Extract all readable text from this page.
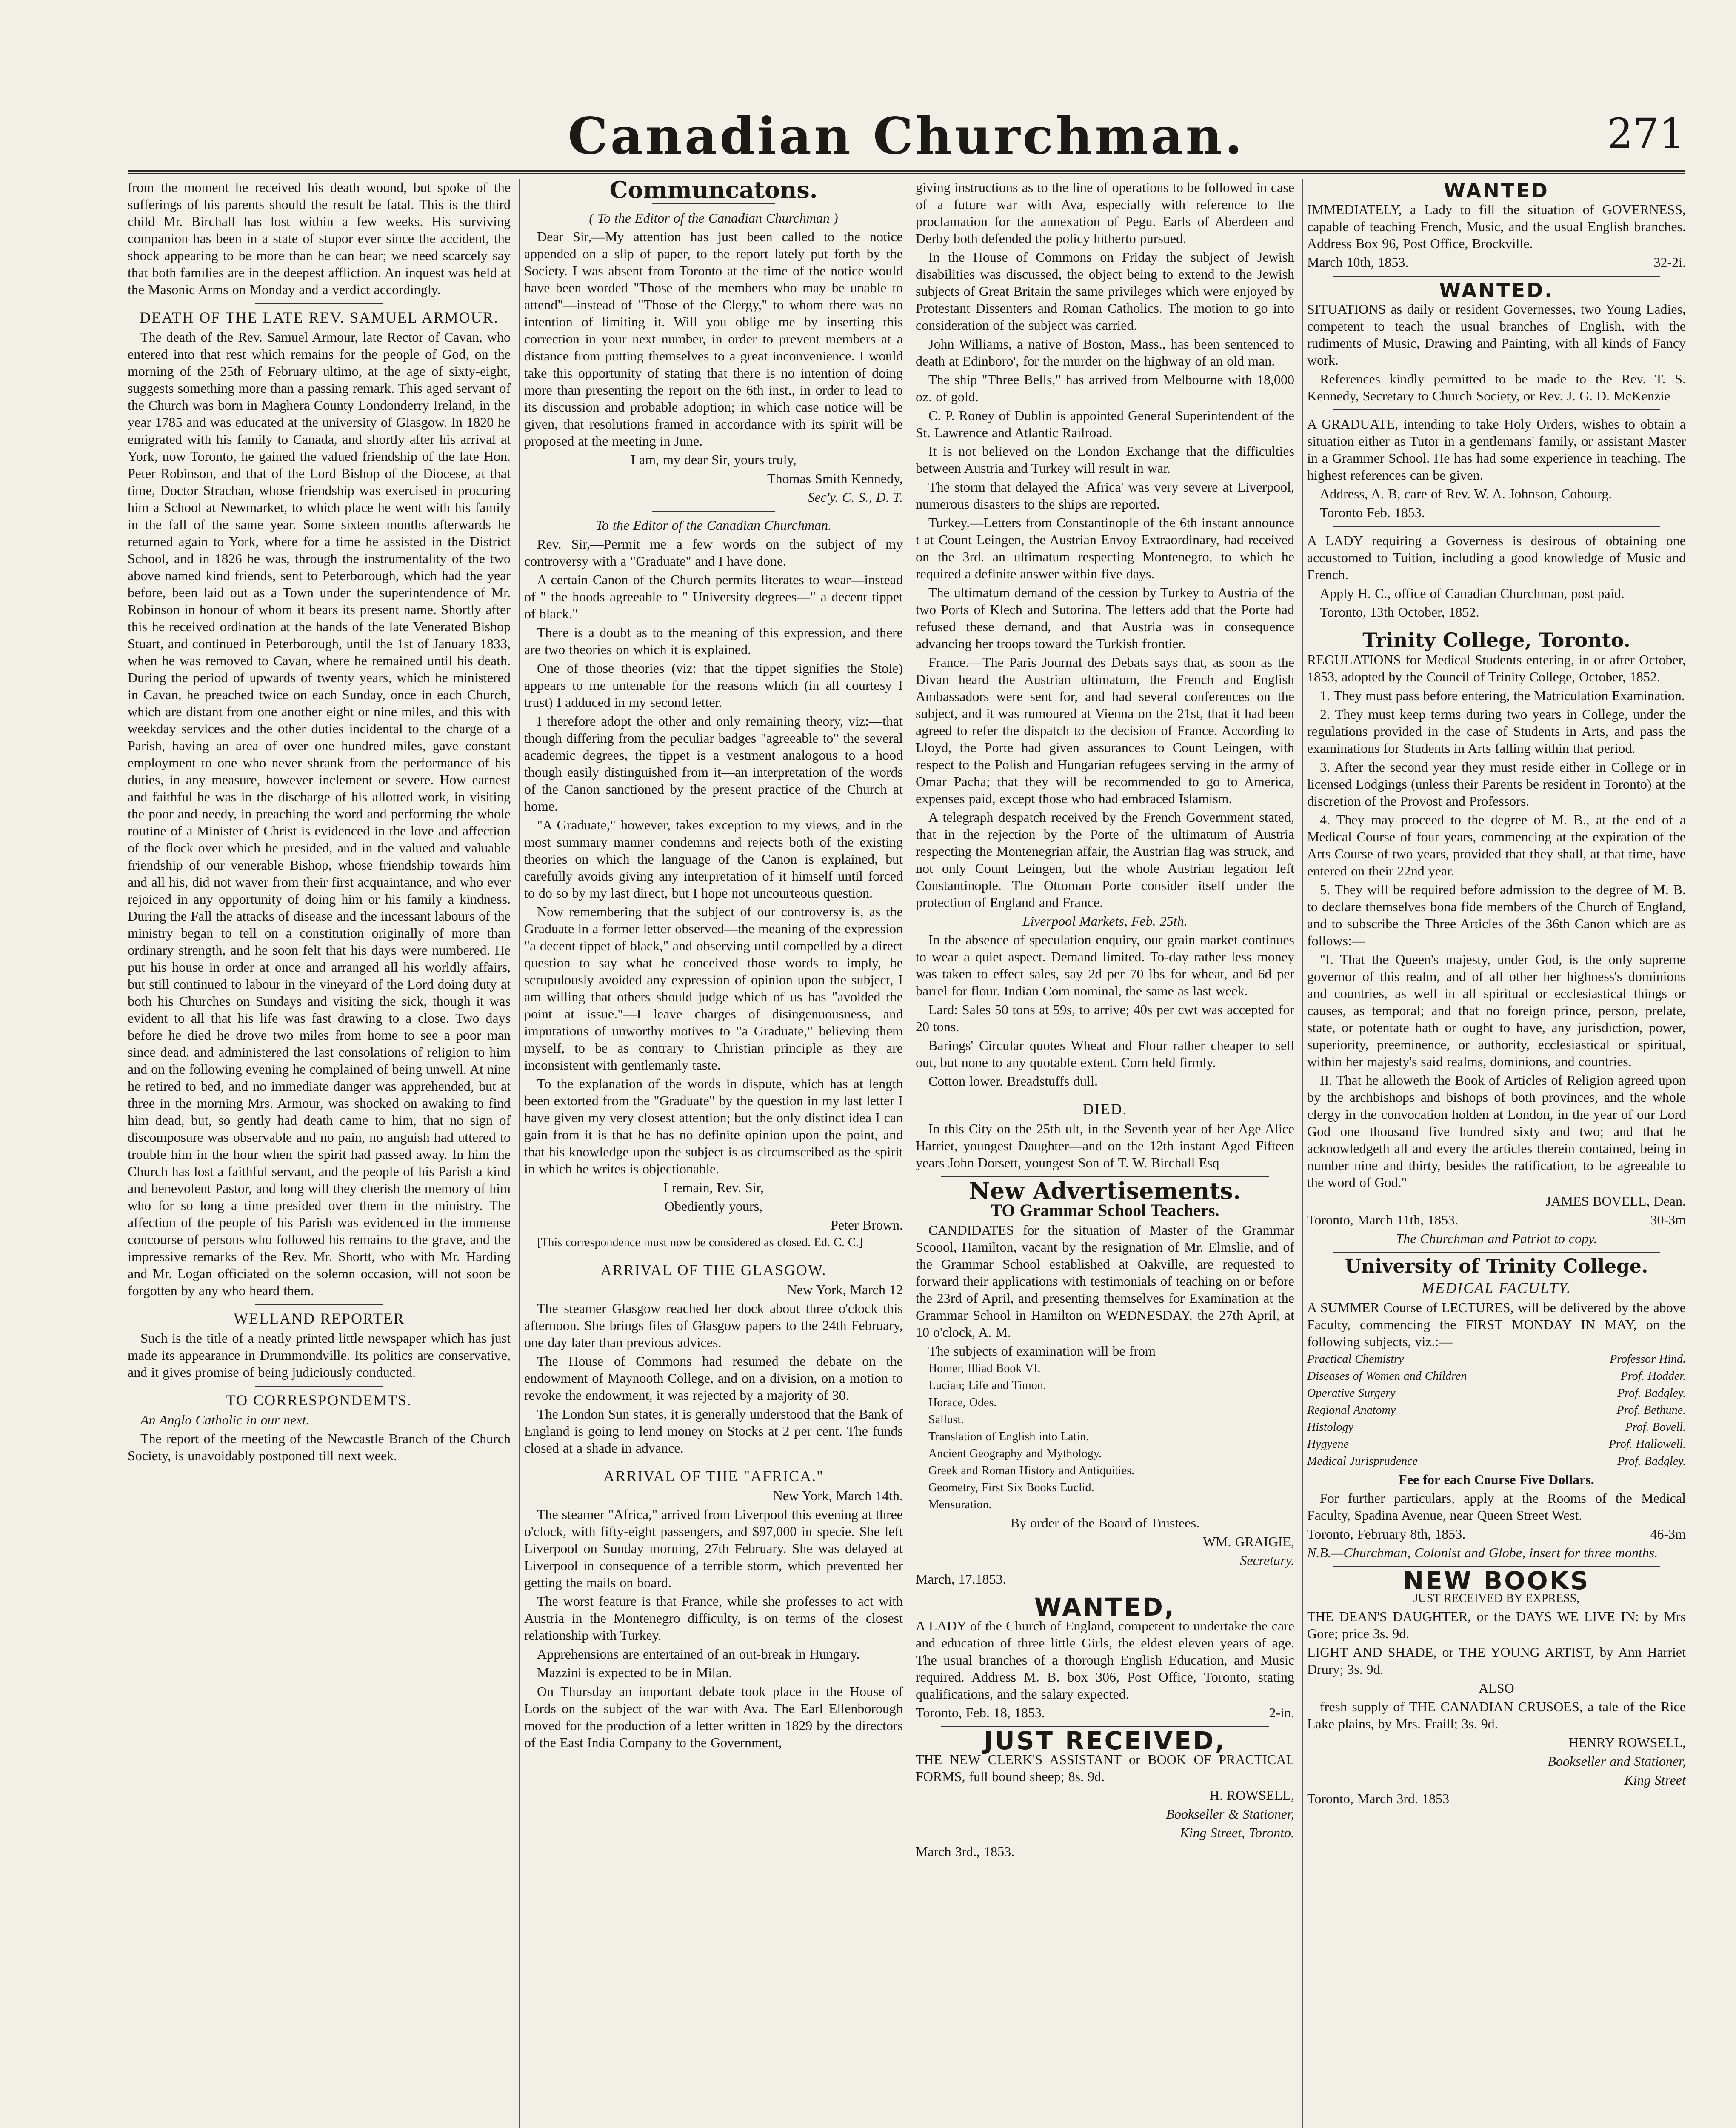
Canadian Churchman.	271

from the moment he received his death wound, but spoke of the sufferings of his parents should the result be fatal. This is the third child Mr. Birchall has lost within a few weeks. His surviving companion has been in a state of stupor ever since the accident, the shock appearing to be more than he can bear; we need scarcely say that both families are in the deepest affliction. An inquest was held at the Masonic Arms on Monday and a verdict accordingly.

DEATH OF THE LATE REV. SAMUEL ARMOUR.

The death of the Rev. Samuel Armour, late Rector of Cavan, who entered into that rest which remains for the people of God, on the morning of the 25th of February ultimo, at the age of sixty-eight, suggests something more than a passing remark. This aged servant of the Church was born in Maghera County Londonderry Ireland, in the year 1785 and was educated at the university of Glasgow. In 1820 he emigrated with his family to Canada, and shortly after his arrival at York, now Toronto, he gained the valued friendship of the late Hon. Peter Robinson, and that of the Lord Bishop of the Diocese, at that time, Doctor Strachan, whose friendship was exercised in procuring him a School at Newmarket, to which place he went with his family in the fall of the same year. Some sixteen months afterwards he returned again to York, where for a time he assisted in the District School, and in 1826 he was, through the instrumentality of the two above named kind friends, sent to Peterborough, which had the year before, been laid out as a Town under the superintendence of Mr. Robinson in honour of whom it bears its present name. Shortly after this he received ordination at the hands of the late Venerated Bishop Stuart, and continued in Peterborough, until the 1st of January 1833, when he was removed to Cavan, where he remained until his death. During the period of upwards of twenty years, which he ministered in Cavan, he preached twice on each Sunday, once in each Church, which are distant from one another eight or nine miles, and this with weekday services and the other duties incidental to the charge of a Parish, having an area of over one hundred miles, gave constant employment to one who never shrank from the performance of his duties, in any measure, however inclement or severe. How earnest and faithful he was in the discharge of his allotted work, in visiting the poor and needy, in preaching the word and performing the whole routine of a Minister of Christ is evidenced in the love and affection of the flock over which he presided, and in the valued and valuable friendship of our venerable Bishop, whose friendship towards him and all his, did not waver from their first acquaintance, and who ever rejoiced in any opportunity of doing him or his family a kindness. During the Fall the attacks of disease and the incessant labours of the ministry began to tell on a constitution originally of more than ordinary strength, and he soon felt that his days were numbered. He put his house in order at once and arranged all his worldly affairs, but still continued to labour in the vineyard of the Lord doing duty at both his Churches on Sundays and visiting the sick, though it was evident to all that his life was fast drawing to a close. Two days before he died he drove two miles from home to see a poor man since dead, and administered the last consolations of religion to him and on the following evening he complained of being unwell. At nine he retired to bed, and no immediate danger was apprehended, but at three in the morning Mrs. Armour, was shocked on awaking to find him dead, but, so gently had death came to him, that no sign of discomposure was observable and no pain, no anguish had uttered to trouble him in the hour when the spirit had passed away. In him the Church has lost a faithful servant, and the people of his Parish a kind and benevolent Pastor, and long will they cherish the memory of him who for so long a time presided over them in the ministry. The affection of the people of his Parish was evidenced in the immense concourse of persons who followed his remains to the grave, and the impressive remarks of the Rev. Mr. Shortt, who with Mr. Harding and Mr. Logan officiated on the solemn occasion, will not soon be forgotten by any who heard them.

WELLAND REPORTER

Such is the title of a neatly printed little newspaper which has just made its appearance in Drummondville. Its politics are conservative, and it gives promise of being judiciously conducted.

TO CORRESPONDEMTS.

An Anglo Catholic in our next.

The report of the meeting of the Newcastle Branch of the Church Society, is unavoidably postponed till next week.

Communcatons.

( To the Editor of the Canadian Churchman )

Dear Sir,—My attention has just been called to the notice appended on a slip of paper, to the report lately put forth by the Society. I was absent from Toronto at the time of the notice would have been worded "Those of the members who may be unable to attend"—instead of "Those of the Clergy," to whom there was no intention of limiting it. Will you oblige me by inserting this correction in your next number, in order to prevent members at a distance from putting themselves to a great inconvenience. I would take this opportunity of stating that there is no intention of doing more than presenting the report on the 6th inst., in order to lead to its discussion and probable adoption; in which case notice will be given, that resolutions framed in accordance with its spirit will be proposed at the meeting in June.

I am, my dear Sir, yours truly,

Thomas Smith Kennedy,

Sec'y. C. S., D. T.

To the Editor of the Canadian Churchman.

Rev. Sir,—Permit me a few words on the subject of my controversy with a "Graduate" and I have done.

A certain Canon of the Church permits literates to wear—instead of " the hoods agreeable to " University degrees—" a decent tippet of black."

There is a doubt as to the meaning of this expression, and there are two theories on which it is explained.

One of those theories (viz: that the tippet signifies the Stole) appears to me untenable for the reasons which (in all courtesy I trust) I adduced in my second letter.

I therefore adopt the other and only remaining theory, viz:—that though differing from the peculiar badges "agreeable to" the several academic degrees, the tippet is a vestment analogous to a hood though easily distinguished from it—an interpretation of the words of the Canon sanctioned by the present practice of the Church at home.

"A Graduate," however, takes exception to my views, and in the most summary manner condemns and rejects both of the existing theories on which the language of the Canon is explained, but carefully avoids giving any interpretation of it himself until forced to do so by my last direct, but I hope not uncourteous question.

Now remembering that the subject of our controversy is, as the Graduate in a former letter observed—the meaning of the expression "a decent tippet of black," and observing until compelled by a direct question to say what he conceived those words to imply, he scrupulously avoided any expression of opinion upon the subject, I am willing that others should judge which of us has "avoided the point at issue."—I leave charges of disingenuousness, and imputations of unworthy motives to "a Graduate," believing them myself, to be as contrary to Christian principle as they are inconsistent with gentlemanly taste.

To the explanation of the words in dispute, which has at length been extorted from the "Graduate" by the question in my last letter I have given my very closest attention; but the only distinct idea I can gain from it is that he has no definite opinion upon the point, and that his knowledge upon the subject is as circumscribed as the spirit in which he writes is objectionable.

I remain, Rev. Sir,

Obediently yours,

Peter Brown.

[This correspondence must now be considered as closed. Ed. C. C.]

ARRIVAL OF THE GLASGOW.

New York, March 12

The steamer Glasgow reached her dock about three o'clock this afternoon. She brings files of Glasgow papers to the 24th February, one day later than previous advices.

The House of Commons had resumed the debate on the endowment of Maynooth College, and on a division, on a motion to revoke the endowment, it was rejected by a majority of 30.

The London Sun states, it is generally understood that the Bank of England is going to lend money on Stocks at 2 per cent. The funds closed at a shade in advance.

ARRIVAL OF THE "AFRICA."

New York, March 14th.

The steamer "Africa," arrived from Liverpool this evening at three o'clock, with fifty-eight passengers, and $97,000 in specie. She left Liverpool on Sunday morning, 27th February. She was delayed at Liverpool in consequence of a terrible storm, which prevented her getting the mails on board.

The worst feature is that France, while she professes to act with Austria in the Montenegro difficulty, is on terms of the closest relationship with Turkey.

Apprehensions are entertained of an out-break in Hungary.

Mazzini is expected to be in Milan.

On Thursday an important debate took place in the House of Lords on the subject of the war with Ava. The Earl Ellenborough moved for the production of a letter written in 1829 by the directors of the East India Company to the Government,

giving instructions as to the line of operations to be followed in case of a future war with Ava, especially with reference to the proclamation for the annexation of Pegu. Earls of Aberdeen and Derby both defended the policy hitherto pursued.

In the House of Commons on Friday the subject of Jewish disabilities was discussed, the object being to extend to the Jewish subjects of Great Britain the same privileges which were enjoyed by Protestant Dissenters and Roman Catholics. The motion to go into consideration of the subject was carried.

John Williams, a native of Boston, Mass., has been sentenced to death at Edinboro', for the murder on the highway of an old man.

The ship "Three Bells," has arrived from Melbourne with 18,000 oz. of gold.

C. P. Roney of Dublin is appointed General Superintendent of the St. Lawrence and Atlantic Railroad.

It is not believed on the London Exchange that the difficulties between Austria and Turkey will result in war.

The storm that delayed the 'Africa' was very severe at Liverpool, numerous disasters to the ships are reported.

Turkey.—Letters from Constantinople of the 6th instant announce t at Count Leingen, the Austrian Envoy Extraordinary, had received on the 3rd. an ultimatum respecting Montenegro, to which he required a definite answer within five days.

The ultimatum demand of the cession by Turkey to Austria of the two Ports of Klech and Sutorina. The letters add that the Porte had refused these demand, and that Austria was in consequence advancing her troops toward the Turkish frontier.

France.—The Paris Journal des Debats says that, as soon as the Divan heard the Austrian ultimatum, the French and English Ambassadors were sent for, and had several conferences on the subject, and it was rumoured at Vienna on the 21st, that it had been agreed to refer the dispatch to the decision of France. According to Lloyd, the Porte had given assurances to Count Leingen, with respect to the Polish and Hungarian refugees serving in the army of Omar Pacha; that they will be recommended to go to America, expenses paid, except those who had embraced Islamism.

A telegraph despatch received by the French Government stated, that in the rejection by the Porte of the ultimatum of Austria respecting the Montenegrian affair, the Austrian flag was struck, and not only Count Leingen, but the whole Austrian legation left Constantinople. The Ottoman Porte consider itself under the protection of England and France.

Liverpool Markets, Feb. 25th.

In the absence of speculation enquiry, our grain market continues to wear a quiet aspect. Demand limited. To-day rather less money was taken to effect sales, say 2d per 70 lbs for wheat, and 6d per barrel for flour. Indian Corn nominal, the same as last week.

Lard: Sales 50 tons at 59s, to arrive; 40s per cwt was accepted for 20 tons.

Barings' Circular quotes Wheat and Flour rather cheaper to sell out, but none to any quotable extent. Corn held firmly.

Cotton lower. Breadstuffs dull.

DIED.

In this City on the 25th ult, in the Seventh year of her Age Alice Harriet, youngest Daughter—and on the 12th instant Aged Fifteen years John Dorsett, youngest Son of T. W. Birchall Esq

New Advertisements.
TO Grammar School Teachers.

CANDIDATES for the situation of Master of the Grammar Scoool, Hamilton, vacant by the resignation of Mr. Elmslie, and of the Grammar School established at Oakville, are requested to forward their applications with testimonials of teaching on or before the 23rd of April, and presenting themselves for Examination at the Grammar School in Hamilton on WEDNESDAY, the 27th April, at 10 o'clock, A. M.

The subjects of examination will be from

Homer, Illiad Book VI.

Lucian; Life and Timon.

Horace, Odes.

Sallust.

Translation of English into Latin.

Ancient Geography and Mythology.

Greek and Roman History and Antiquities.

Geometry, First Six Books Euclid.

Mensuration.

By order of the Board of Trustees.

WM. GRAIGIE,

Secretary.

March, 17,1853.

WANTED,

A LADY of the Church of England, competent to undertake the care and education of three little Girls, the eldest eleven years of age. The usual branches of a thorough English Education, and Music required. Address M. B. box 306, Post Office, Toronto, stating qualifications, and the salary expected.

Toronto, Feb. 18, 1853.	2-in.

JUST RECEIVED,

THE NEW CLERK'S ASSISTANT or BOOK OF PRACTICAL FORMS, full bound sheep; 8s. 9d.

H. ROWSELL,

Bookseller & Stationer,

King Street, Toronto.

March 3rd., 1853.

WANTED

IMMEDIATELY, a Lady to fill the situation of GOVERNESS, capable of teaching French, Music, and the usual English branches. Address Box 96, Post Office, Brockville.

March 10th, 1853.	32-2i.

WANTED.

SITUATIONS as daily or resident Governesses, two Young Ladies, competent to teach the usual branches of English, with the rudiments of Music, Drawing and Painting, with all kinds of Fancy work.

References kindly permitted to be made to the Rev. T. S. Kennedy, Secretary to Church Society, or Rev. J. G. D. McKenzie

A GRADUATE, intending to take Holy Orders, wishes to obtain a situation either as Tutor in a gentlemans' family, or assistant Master in a Grammer School. He has had some experience in teaching. The highest references can be given.

Address, A. B, care of Rev. W. A. Johnson, Cobourg.

Toronto Feb. 1853.

A LADY requiring a Governess is desirous of obtaining one accustomed to Tuition, including a good knowledge of Music and French.

Apply H. C., office of Canadian Churchman, post paid.

Toronto, 13th October, 1852.

Trinity College, Toronto.

REGULATIONS for Medical Students entering, in or after October, 1853, adopted by the Council of Trinity College, October, 1852.

1. They must pass before entering, the Matriculation Examination.

2. They must keep terms during two years in College, under the regulations provided in the case of Students in Arts, and pass the examinations for Students in Arts falling within that period.

3. After the second year they must reside either in College or in licensed Lodgings (unless their Parents be resident in Toronto) at the discretion of the Provost and Professors.

4. They may proceed to the degree of M. B., at the end of a Medical Course of four years, commencing at the expiration of the Arts Course of two years, provided that they shall, at that time, have entered on their 22nd year.

5. They will be required before admission to the degree of M. B. to declare themselves bona fide members of the Church of England, and to subscribe the Three Articles of the 36th Canon which are as follows:—

"I. That the Queen's majesty, under God, is the only supreme governor of this realm, and of all other her highness's dominions and countries, as well in all spiritual or ecclesiastical things or causes, as temporal; and that no foreign prince, person, prelate, state, or potentate hath or ought to have, any jurisdiction, power, superiority, preeminence, or authority, ecclesiastical or spiritual, within her majesty's said realms, dominions, and countries.

II. That he alloweth the Book of Articles of Religion agreed upon by the archbishops and bishops of both provinces, and the whole clergy in the convocation holden at London, in the year of our Lord God one thousand five hundred sixty and two; and that he acknowledgeth all and every the articles therein contained, being in number nine and thirty, besides the ratification, to be agreeable to the word of God."

JAMES BOVELL, Dean.

Toronto, March 11th, 1853.	30-3m

The Churchman and Patriot to copy.

University of Trinity College.
MEDICAL FACULTY.

A SUMMER Course of LECTURES, will be delivered by the above Faculty, commencing the FIRST MONDAY IN MAY, on the following subjects, viz.:—

Practical Chemistry	Professor Hind.

Diseases of Women and Children	Prof. Hodder.

Operative Surgery	Prof. Badgley.

Regional Anatomy	Prof. Bethune.

Histology	Prof. Bovell.

Hygyene	Prof. Hallowell.

Medical Jurisprudence	Prof. Badgley.

Fee for each Course Five Dollars.

For further particulars, apply at the Rooms of the Medical Faculty, Spadina Avenue, near Queen Street West.

Toronto, February 8th, 1853.	46-3m

N.B.—Churchman, Colonist and Globe, insert for three months.

NEW BOOKS

JUST RECEIVED BY EXPRESS,

THE DEAN'S DAUGHTER, or the DAYS WE LIVE IN: by Mrs Gore; price 3s. 9d.

LIGHT AND SHADE, or THE YOUNG ARTIST, by Ann Harriet Drury; 3s. 9d.

ALSO

fresh supply of THE CANADIAN CRUSOES, a tale of the Rice Lake plains, by Mrs. Fraill; 3s. 9d.

HENRY ROWSELL,

Bookseller and Stationer,

King Street

Toronto, March 3rd. 1853
